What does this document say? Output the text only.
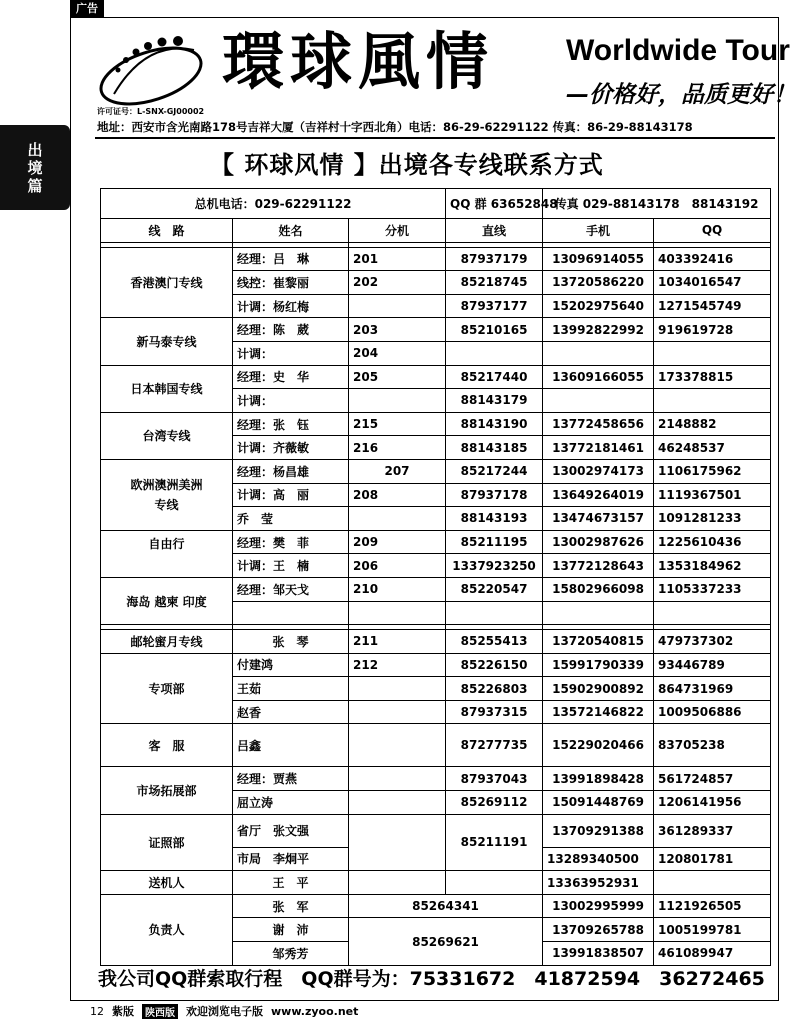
广告
出
境
篇
環球風情 Worldwide Tour
—价格好，品质更好！
许可证号：L-SNX-GJ00002
地址：西安市含光南路178号吉祥大厦（吉祥村十字西北角）电话：86-29-62291122 传真：86-29-88143178
【 环球风情 】出境各专线联系方式
总机电话：029-62291122			QQ 群 63652848	传真 029-88143178　88143192	
线　路	姓名	分机	直线	手机	QQ

香港澳门专线	经理：吕　琳	201	87937179	13096914055	403392416
	线控：崔黎丽	202	85218745	13720586220	1034016547
	计调：杨红梅		87937177	15202975640	1271545749
新马泰专线	经理：陈　葳	203	85210165	13992822992	919619728
	计调：	204			
日本韩国专线	经理：史　华	205	85217440	13609166055	173378815
	计调：		88143179		
台湾专线	经理：张　钰	215	88143190	13772458656	2148882
	计调：齐薇敏	216	88143185	13772181461	46248537
欧洲澳洲美洲
专线	经理：杨昌雄	207	85217244	13002974173	1106175962
	计调：高　丽	208	87937178	13649264019	1119367501
	乔　莹		88143193	13474673157	1091281233
自由行	经理：樊　菲	209	85211195	13002987626	1225610436
	计调：王　楠	206	1337923250	13772128643	1353184962
海岛 越柬 印度	经理：邹天戈	210	85220547	15802966098	1105337233

邮轮蜜月专线	张　琴	211	85255413	13720540815	479737302
专项部	付建鸿	212	85226150	15991790339	93446789
	王茹		85226803	15902900892	864731969
	赵香		87937315	13572146822	1009506886
客　服	吕鑫		87277735	15229020466	83705238
市场拓展部	经理：贾燕		87937043	13991898428	561724857
	屈立涛		85269112	15091448769	1206141956
证照部	省厅　张文强		85211191	13709291388	361289337
	市局　李炯平			13289340500	120801781
送机人	王　平			13363952931	
负责人	张　军	85264341		13002995999	1121926505
	谢　沛	85269621		13709265788	1005199781
	邹秀芳			13991838507	461089947
我公司QQ群索取行程　QQ群号为：75331672　41872594　36272465
12 紫版	陕西版 欢迎浏览电子版 www.zyoo.net
